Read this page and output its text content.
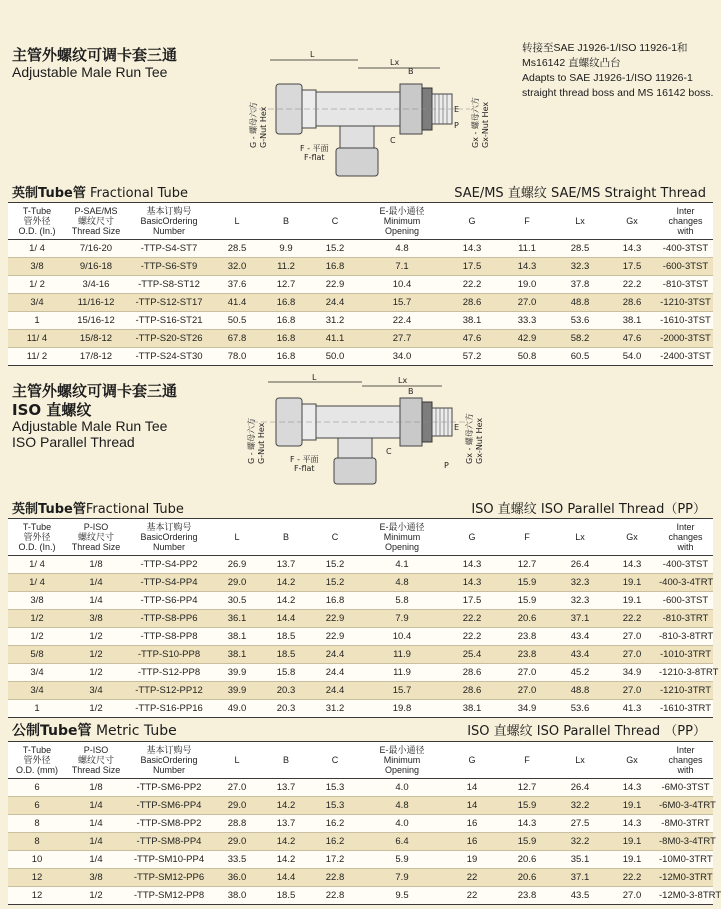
主管外螺纹可调卡套三通
Adjustable Male Run Tee
转接至SAE J1926-1/ISO 11926-1和
Ms16142 直螺纹凸台
Adapts to SAE J1926-1/ISO 11926-1
straight thread boss and MS 16142 boss.
L
Lx
F - 平面
F-flat
B
C
E
P
G - 螺母六方 G-Nut Hex	Gx - 螺母六方 Gx-Nut Hex
英制Tube管 Fractional Tube	SAE/MS 直螺纹 SAE/MS Straight Thread
T-Tube
管外径
O.D. (In.)	P-SAE/MS
螺纹尺寸
Thread Size	基本订购号
BasicOrdering
Number	L	B	C	E-最小通径
Minimum
Opening	G	F	Lx	Gx	Inter
changes
with
1/ 4	7/16-20	-TTP-S4-ST7	28.5	9.9	15.2	4.8	14.3	11.1	28.5	14.3	-400-3TST
3/8	9/16-18	-TTP-S6-ST9	32.0	11.2	16.8	7.1	17.5	14.3	32.3	17.5	-600-3TST
1/ 2	3/4-16	-TTP-S8-ST12	37.6	12.7	22.9	10.4	22.2	19.0	37.8	22.2	-810-3TST
3/4	11/16-12	-TTP-S12-ST17	41.4	16.8	24.4	15.7	28.6	27.0	48.8	28.6	-1210-3TST
1	15/16-12	-TTP-S16-ST21	50.5	16.8	31.2	22.4	38.1	33.3	53.6	38.1	-1610-3TST
11/ 4	15/8-12	-TTP-S20-ST26	67.8	16.8	41.1	27.7	47.6	42.9	58.2	47.6	-2000-3TST
11/ 2	17/8-12	-TTP-S24-ST30	78.0	16.8	50.0	34.0	57.2	50.8	60.5	54.0	-2400-3TST
主管外螺纹可调卡套三通
ISO 直螺纹
Adjustable Male Run Tee
ISO Parallel Thread
L	Lx
F - 平面
F-flat
B
C
E
P
G - 螺母六方 G-Nut Hex	Gx - 螺母六方 Gx-Nut Hex
英制Tube管Fractional Tube	ISO 直螺纹 ISO Parallel Thread（PP）
T-Tube
管外径
O.D. (In.)	P-ISO
螺纹尺寸
Thread Size	基本订购号
BasicOrdering
Number	L	B	C	E-最小通径
Minimum
Opening	G	F	Lx	Gx	Inter
changes
with
1/ 4	1/8	-TTP-S4-PP2	26.9	13.7	15.2	4.1	14.3	12.7	26.4	14.3	-400-3TST
1/ 4	1/4	-TTP-S4-PP4	29.0	14.2	15.2	4.8	14.3	15.9	32.3	19.1	-400-3-4TRT
3/8	1/4	-TTP-S6-PP4	30.5	14.2	16.8	5.8	17.5	15.9	32.3	19.1	-600-3TST
1/2	3/8	-TTP-S8-PP6	36.1	14.4	22.9	7.9	22.2	20.6	37.1	22.2	-810-3TRT
1/2	1/2	-TTP-S8-PP8	38.1	18.5	22.9	10.4	22.2	23.8	43.4	27.0	-810-3-8TRT
5/8	1/2	-TTP-S10-PP8	38.1	18.5	24.4	11.9	25.4	23.8	43.4	27.0	-1010-3TRT
3/4	1/2	-TTP-S12-PP8	39.9	15.8	24.4	11.9	28.6	27.0	45.2	34.9	-1210-3-8TRT
3/4	3/4	-TTP-S12-PP12	39.9	20.3	24.4	15.7	28.6	27.0	48.8	27.0	-1210-3TRT
1	1/2	-TTP-S16-PP16	49.0	20.3	31.2	19.8	38.1	34.9	53.6	41.3	-1610-3TRT
公制Tube管 Metric Tube	ISO 直螺纹 ISO Parallel Thread （PP）
T-Tube
管外径
O.D. (mm)	P-ISO
螺纹尺寸
Thread Size	基本订购号
BasicOrdering
Number	L	B	C	E-最小通径
Minimum
Opening	G	F	Lx	Gx	Inter
changes
with
6	1/8	-TTP-SM6-PP2	27.0	13.7	15.3	4.0	14	12.7	26.4	14.3	-6M0-3TST
6	1/4	-TTP-SM6-PP4	29.0	14.2	15.3	4.8	14	15.9	32.2	19.1	-6M0-3-4TRT
8	1/4	-TTP-SM8-PP2	28.8	13.7	16.2	4.0	16	14.3	27.5	14.3	-8M0-3TRT
8	1/4	-TTP-SM8-PP4	29.0	14.2	16.2	6.4	16	15.9	32.2	19.1	-8M0-3-4TRT
10	1/4	-TTP-SM10-PP4	33.5	14.2	17.2	5.9	19	20.6	35.1	19.1	-10M0-3TRT
12	3/8	-TTP-SM12-PP6	36.0	14.4	22.8	7.9	22	20.6	37.1	22.2	-12M0-3TRT
12	1/2	-TTP-SM12-PP8	38.0	18.5	22.8	9.5	22	23.8	43.5	27.0	-12M0-3-8TRT
